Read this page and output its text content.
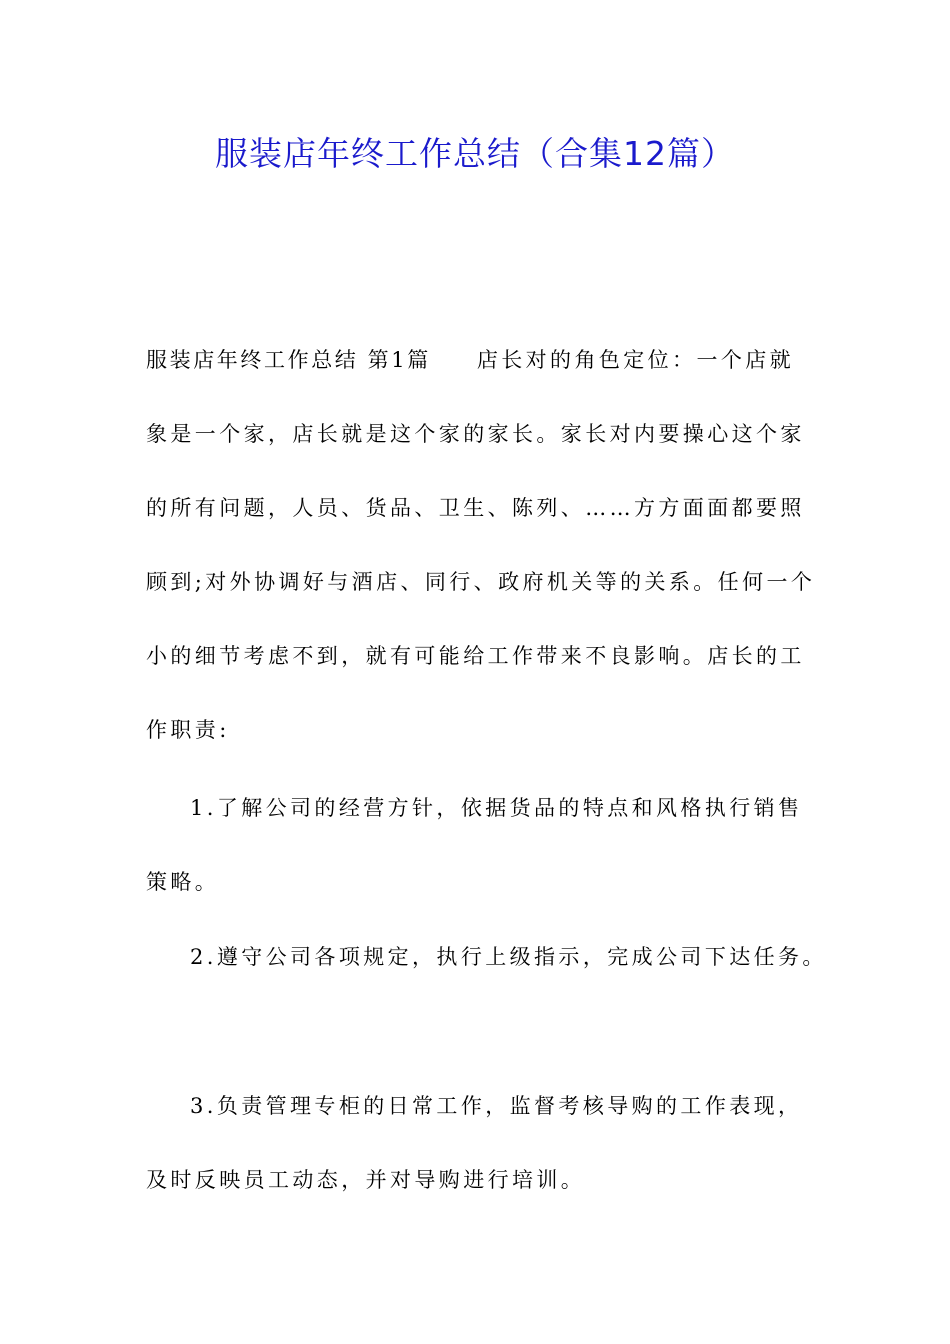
服装店年终工作总结（合集12篇）
服装店年终工作总结 第1篇 店长对的角色定位：一个店就
象是一个家，店长就是这个家的家长。家长对内要操心这个家
的所有问题，人员、货品、卫生、陈列、……方方面面都要照
顾到;对外协调好与酒店、同行、政府机关等的关系。任何一个
小的细节考虑不到，就有可能给工作带来不良影响。店长的工
作职责:
1.了解公司的经营方针，依据货品的特点和风格执行销售
策略。
2.遵守公司各项规定，执行上级指示，完成公司下达任务。
3.负责管理专柜的日常工作，监督考核导购的工作表现，
及时反映员工动态，并对导购进行培训。
